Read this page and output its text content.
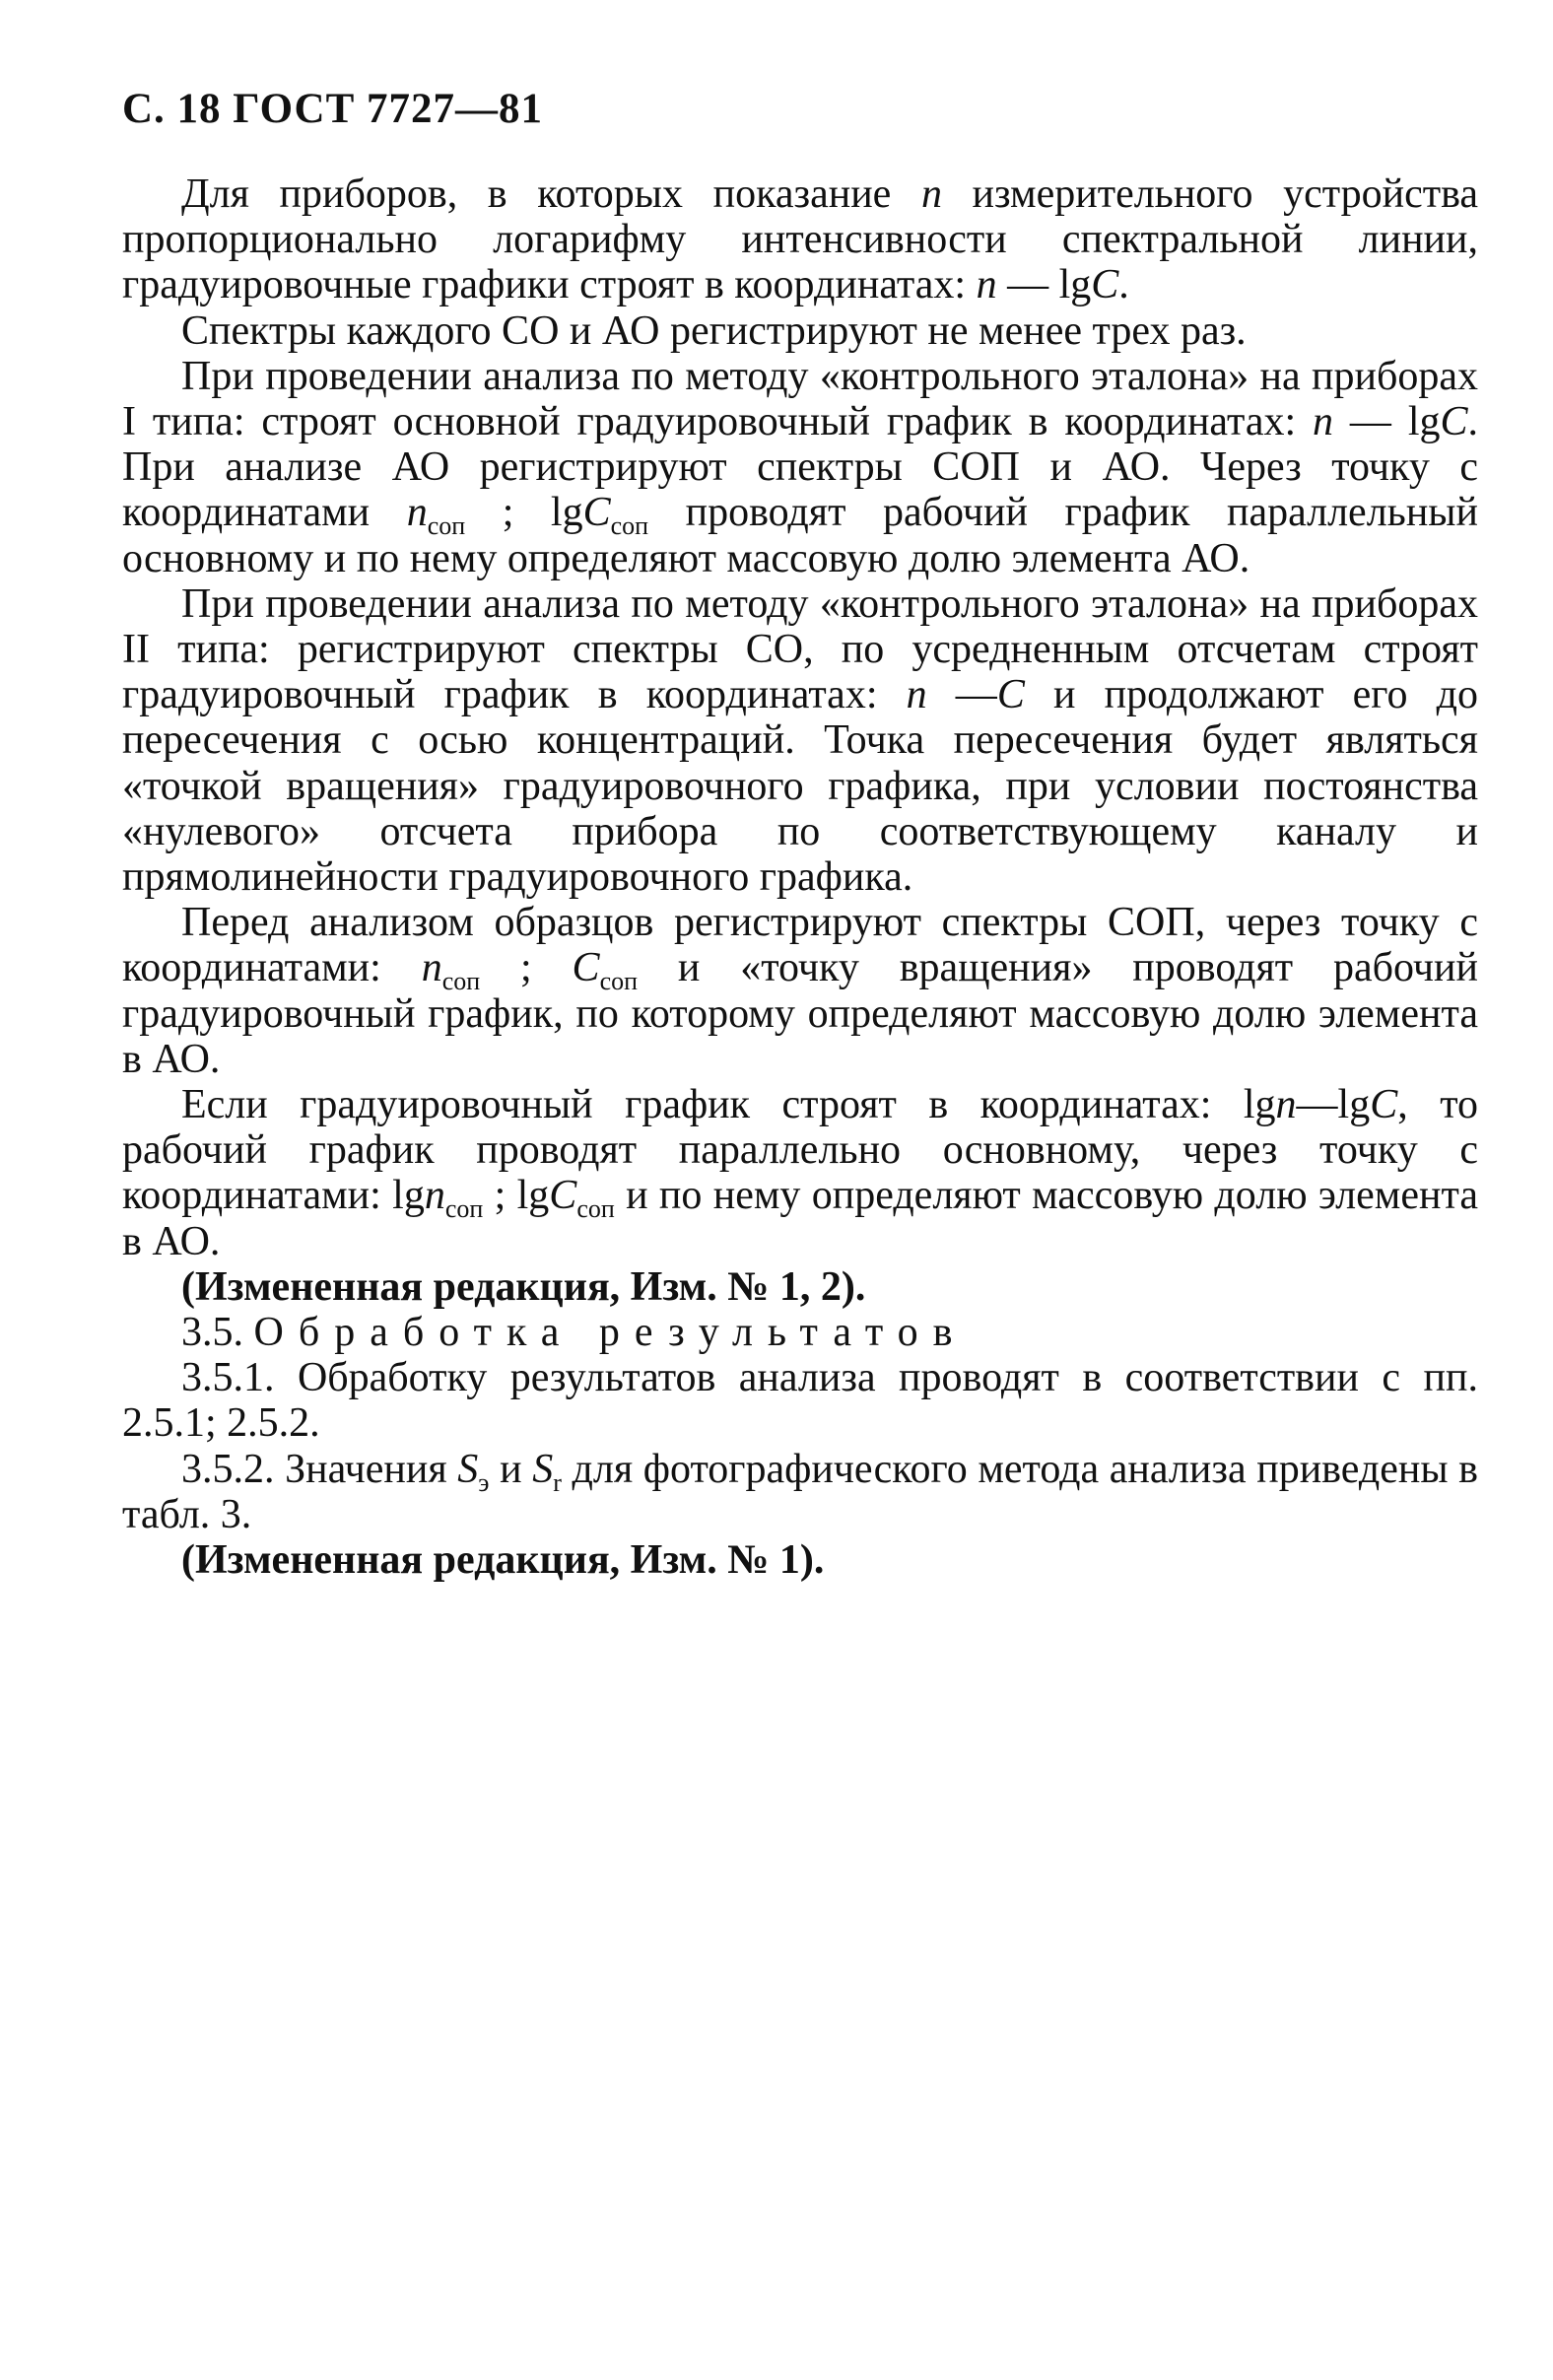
С. 18 ГОСТ 7727—81

Для приборов, в которых показание n измерительного устройства пропорционально логарифму интенсивности спектральной линии, градуировочные графики строят в координатах: n — lgC.

Спектры каждого СО и АО регистрируют не менее трех раз.

При проведении анализа по методу «контрольного эталона» на приборах I типа: строят основной градуировочный график в координатах: n — lgC. При анализе АО регистрируют спектры СОП и АО. Через точку с координатами $n_{соп}$ ; lgC$_{соп}$ проводят рабочий график параллельный основному и по нему определяют массовую долю элемента АО.

При проведении анализа по методу «контрольного эталона» на приборах II типа: регистрируют спектры СО, по усредненным отсчетам строят градуировочный график в координатах: n —C и продолжают его до пересечения с осью концентраций. Точка пересечения будет являться «точкой вращения» градуировочного графика, при условии постоянства «нулевого» отсчета прибора по соответствующему каналу и прямолинейности градуировочного графика.

Перед анализом образцов регистрируют спектры СОП, через точку с координатами: $n_{соп}$ ; $C_{соп}$ и «точку вращения» проводят рабочий градуировочный график, по которому определяют массовую долю элемента в АО.

Если градуировочный график строят в координатах: lgn—lgC, то рабочий график проводят параллельно основному, через точку с координатами: lgn$_{соп}$ ; lgC$_{соп}$ и по нему определяют массовую долю элемента в АО.

(Измененная редакция, Изм. № 1, 2).

3.5. Обработка результатов

3.5.1. Обработку результатов анализа проводят в соответствии с пп. 2.5.1; 2.5.2.

3.5.2. Значения $S_э$ и $S_r$ для фотографического метода анализа приведены в табл. 3.

(Измененная редакция, Изм. № 1).
